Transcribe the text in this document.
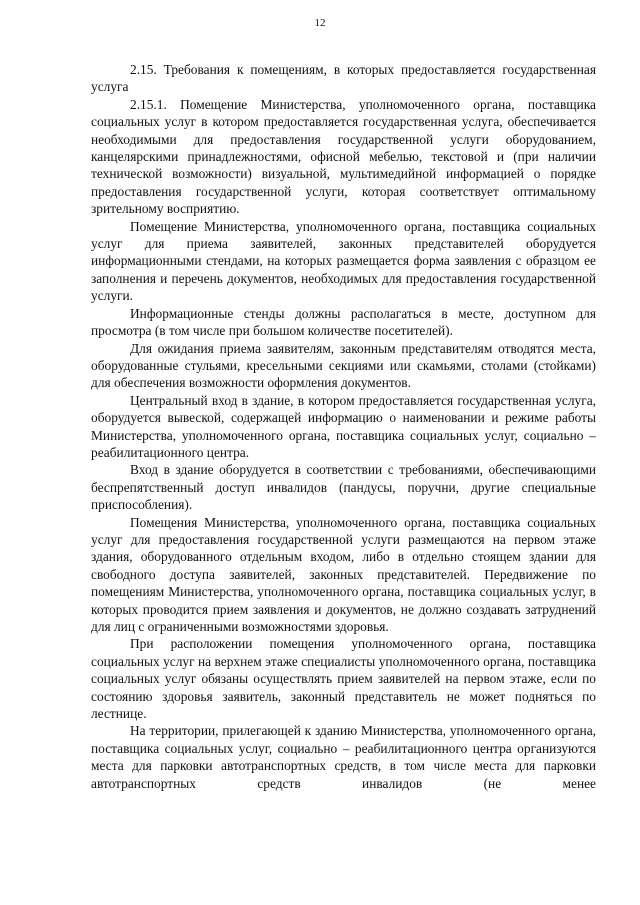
12

2.15. Требования к помещениям, в которых предоставляется государственная услуга

2.15.1. Помещение Министерства, уполномоченного органа, поставщика социальных услуг в котором предоставляется государственная услуга, обеспечивается необходимыми для предоставления государственной услуги оборудованием, канцелярскими принадлежностями, офисной мебелью, текстовой и (при наличии технической возможности) визуальной, мультимедийной информацией о порядке предоставления государственной услуги, которая соответствует оптимальному зрительному восприятию.

Помещение Министерства, уполномоченного органа, поставщика социальных услуг для приема заявителей, законных представителей оборудуется информационными стендами, на которых размещается форма заявления с образцом ее заполнения и перечень документов, необходимых для предоставления государственной услуги.

Информационные стенды должны располагаться в месте, доступном для просмотра (в том числе при большом количестве посетителей).

Для ожидания приема заявителям, законным представителям отводятся места, оборудованные стульями, кресельными секциями или скамьями, столами (стойками) для обеспечения возможности оформления документов.

Центральный вход в здание, в котором предоставляется государственная услуга, оборудуется вывеской, содержащей информацию о наименовании и режиме работы Министерства, уполномоченного органа, поставщика социальных услуг, социально – реабилитационного центра.

Вход в здание оборудуется в соответствии с требованиями, обеспечивающими беспрепятственный доступ инвалидов (пандусы, поручни, другие специальные приспособления).

Помещения Министерства, уполномоченного органа, поставщика социальных услуг для предоставления государственной услуги размещаются на первом этаже здания, оборудованного отдельным входом, либо в отдельно стоящем здании для свободного доступа заявителей, законных представителей. Передвижение по помещениям Министерства, уполномоченного органа, поставщика социальных услуг, в которых проводится прием заявления и документов, не должно создавать затруднений для лиц с ограниченными возможностями здоровья.

При расположении помещения уполномоченного органа, поставщика социальных услуг на верхнем этаже специалисты уполномоченного органа, поставщика социальных услуг обязаны осуществлять прием заявителей на первом этаже, если по состоянию здоровья заявитель, законный представитель не может подняться по лестнице.

На территории, прилегающей к зданию Министерства, уполномоченного органа, поставщика социальных услуг, социально – реабилитационного центра организуются места для парковки автотранспортных средств, в том числе места для парковки автотранспортных средств инвалидов (не менее
